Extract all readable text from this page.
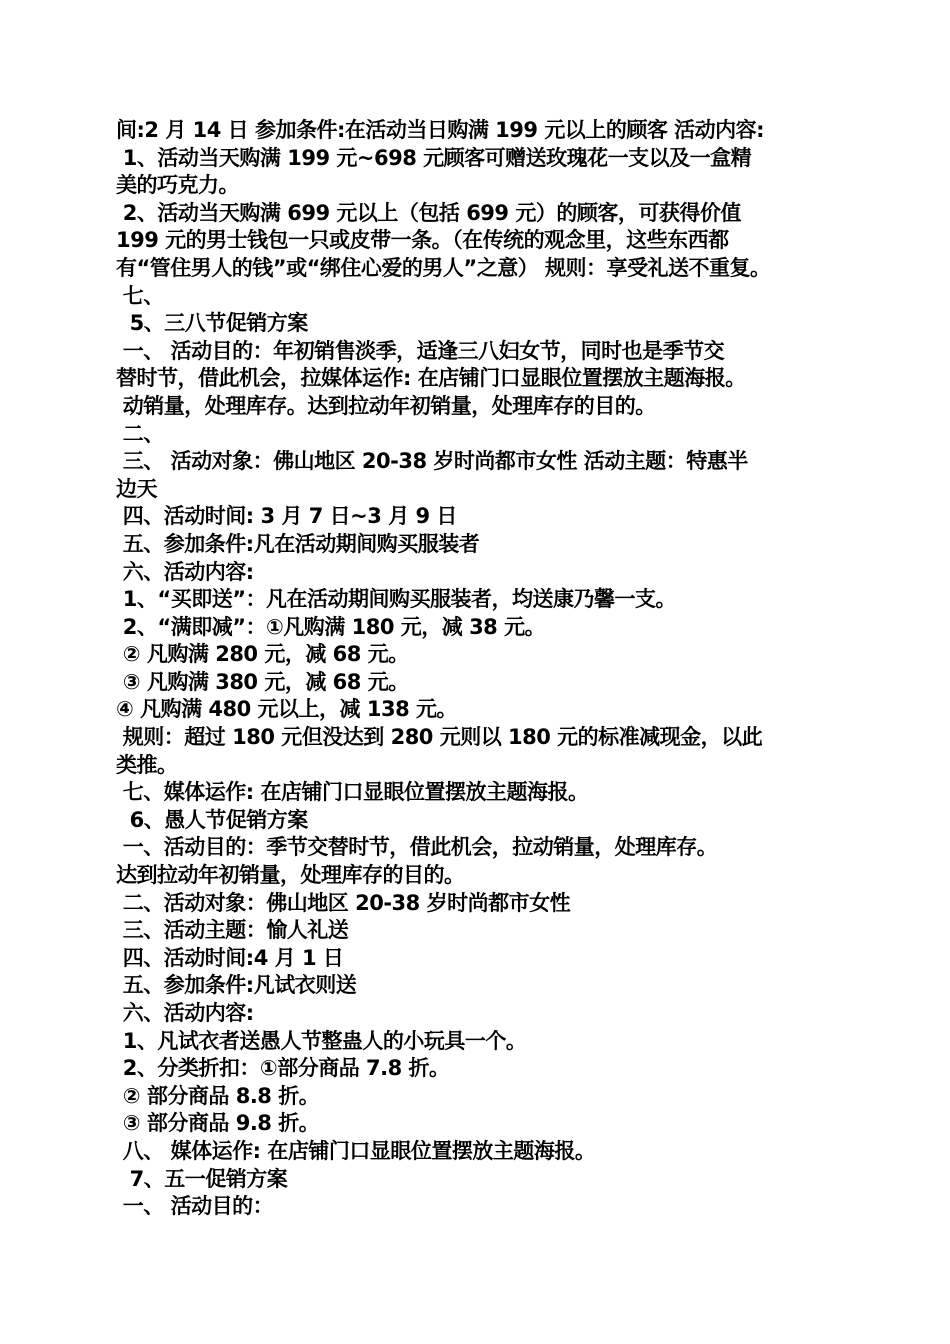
间:2 月 14 日 参加条件:在活动当日购满 199 元以上的顾客 活动内容:
1、活动当天购满 199 元~698 元顾客可赠送玫瑰花一支以及一盒精
美的巧克力。
2、活动当天购满 699 元以上（包括 699 元）的顾客，可获得价值
199 元的男士钱包一只或皮带一条。（在传统的观念里，这些东西都
有“管住男人的钱”或“绑住心爱的男人”之意） 规则：享受礼送不重复。
七、
5、三八节促销方案
一、 活动目的：年初销售淡季，适逢三八妇女节，同时也是季节交
替时节，借此机会，拉媒体运作: 在店铺门口显眼位置摆放主题海报。
动销量，处理库存。达到拉动年初销量，处理库存的目的。
二、
三、 活动对象：佛山地区 20-38 岁时尚都市女性 活动主题：特惠半
边天
四、活动时间: 3 月 7 日~3 月 9 日
五、参加条件:凡在活动期间购买服装者
六、活动内容:
1、“买即送”：凡在活动期间购买服装者，均送康乃馨一支。
2、“满即减”：①凡购满 180 元，减 38 元。
② 凡购满 280 元，减 68 元。
③ 凡购满 380 元，减 68 元。
④ 凡购满 480 元以上，减 138 元。
规则：超过 180 元但没达到 280 元则以 180 元的标准减现金，以此
类推。
七、媒体运作: 在店铺门口显眼位置摆放主题海报。
6、愚人节促销方案
一、活动目的：季节交替时节，借此机会，拉动销量，处理库存。
达到拉动年初销量，处理库存的目的。
二、活动对象：佛山地区 20-38 岁时尚都市女性
三、活动主题：愉人礼送
四、活动时间:4 月 1 日
五、参加条件:凡试衣则送
六、活动内容:
1、凡试衣者送愚人节整蛊人的小玩具一个。
2、分类折扣：①部分商品 7.8 折。
② 部分商品 8.8 折。
③ 部分商品 9.8 折。
八、 媒体运作: 在店铺门口显眼位置摆放主题海报。
7、五一促销方案
一、 活动目的：
